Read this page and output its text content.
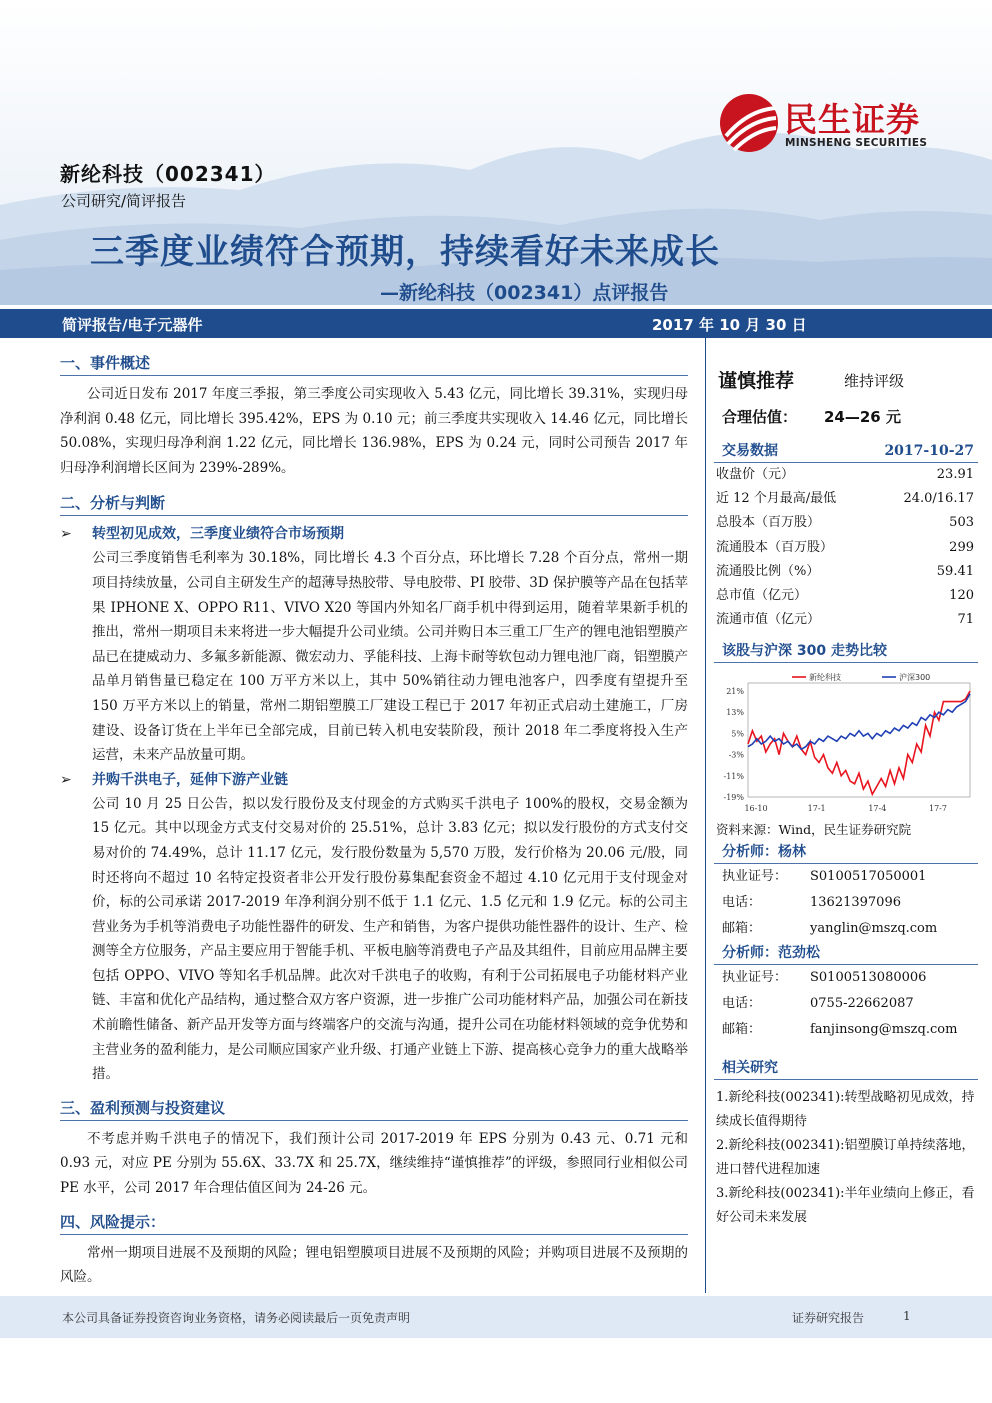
民生证券
MINSHENG SECURITIES
新纶科技（002341）
公司研究/简评报告
三季度业绩符合预期，持续看好未来成长
—新纶科技（002341）点评报告
简评报告/电子元器件	2017 年 10 月 30 日
一、事件概述

公司近日发布 2017 年度三季报，第三季度公司实现收入 5.43 亿元，同比增长 39.31%，实现归母净利润 0.48 亿元，同比增长 395.42%，EPS 为 0.10 元；前三季度共实现收入 14.46 亿元，同比增长 50.08%，实现归母净利润 1.22 亿元，同比增长 136.98%，EPS 为 0.24 元，同时公司预告 2017 年归母净利润增长区间为 239%-289%。

二、分析与判断
➢ 转型初见成效，三季度业绩符合市场预期

公司三季度销售毛利率为 30.18%，同比增长 4.3 个百分点，环比增长 7.28 个百分点，常州一期项目持续放量，公司自主研发生产的超薄导热胶带、导电胶带、PI 胶带、3D 保护膜等产品在包括苹果 IPHONE X、OPPO R11、VIVO X20 等国内外知名厂商手机中得到运用，随着苹果新手机的推出，常州一期项目未来将进一步大幅提升公司业绩。公司并购日本三重工厂生产的锂电池铝塑膜产品已在捷威动力、多氟多新能源、微宏动力、孚能科技、上海卡耐等软包动力锂电池厂商，铝塑膜产品单月销售量已稳定在 100 万平方米以上，其中 50%销往动力锂电池客户，四季度有望提升至 150 万平方米以上的销量，常州二期铝塑膜工厂建设工程已于 2017 年初正式启动土建施工，厂房建设、设备订货在上半年已全部完成，目前已转入机电安装阶段，预计 2018 年二季度将投入生产运营，未来产品放量可期。

➢ 并购千洪电子，延伸下游产业链

公司 10 月 25 日公告，拟以发行股份及支付现金的方式购买千洪电子 100%的股权，交易金额为 15 亿元。其中以现金方式支付交易对价的 25.51%，总计 3.83 亿元；拟以发行股份的方式支付交易对价的 74.49%，总计 11.17 亿元，发行股份数量为 5,570 万股，发行价格为 20.06 元/股，同时还将向不超过 10 名特定投资者非公开发行股份募集配套资金不超过 4.10 亿元用于支付现金对价，标的公司承诺 2017-2019 年净利润分别不低于 1.1 亿元、1.5 亿元和 1.9 亿元。标的公司主营业务为手机等消费电子功能性器件的研发、生产和销售，为客户提供功能性器件的设计、生产、检测等全方位服务，产品主要应用于智能手机、平板电脑等消费电子产品及其组件，目前应用品牌主要包括 OPPO、VIVO 等知名手机品牌。此次对千洪电子的收购，有利于公司拓展电子功能材料产业链、丰富和优化产品结构，通过整合双方客户资源，进一步推广公司功能材料产品，加强公司在新技术前瞻性储备、新产品开发等方面与终端客户的交流与沟通，提升公司在功能材料领域的竞争优势和主营业务的盈利能力，是公司顺应国家产业升级、打通产业链上下游、提高核心竞争力的重大战略举措。

三、盈利预测与投资建议

不考虑并购千洪电子的情况下，我们预计公司 2017-2019 年 EPS 分别为 0.43 元、0.71 元和 0.93 元，对应 PE 分别为 55.6X、33.7X 和 25.7X，继续维持“谨慎推荐”的评级，参照同行业相似公司 PE 水平，公司 2017 年合理估值区间为 24-26 元。

四、风险提示：

常州一期项目进展不及预期的风险；锂电铝塑膜项目进展不及预期的风险；并购项目进展不及预期的风险。

谨慎推荐	维持评级
合理估值： 24—26 元
交易数据	2017-10-27
收盘价（元）	23.91
近 12 个月最高/最低	24.0/16.17
总股本（百万股）	503
流通股本（百万股）	299
流通股比例（%）	59.41
总市值（亿元）	120
流通市值（亿元）	71
该股与沪深 300 走势比较
21%
13%
5%
-3%
-11%
-19%
16-10	17-1	17-4	17-7
新纶科技	沪深300
资料来源：Wind，民生证券研究院
分析师：杨林
执业证号： S0100517050001
电话：	13621397096
邮箱：	yanglin@mszq.com
分析师：范劲松
执业证号： S0100513080006
电话：	0755-22662087
邮箱：	fanjinsong@mszq.com
相关研究
1.新纶科技(002341):转型战略初见成效，持续成长值得期待
2.新纶科技(002341):铝塑膜订单持续落地，进口替代进程加速
3.新纶科技(002341):半年业绩向上修正，看好公司未来发展
本公司具备证券投资咨询业务资格，请务必阅读最后一页免责声明	证券研究报告	1
